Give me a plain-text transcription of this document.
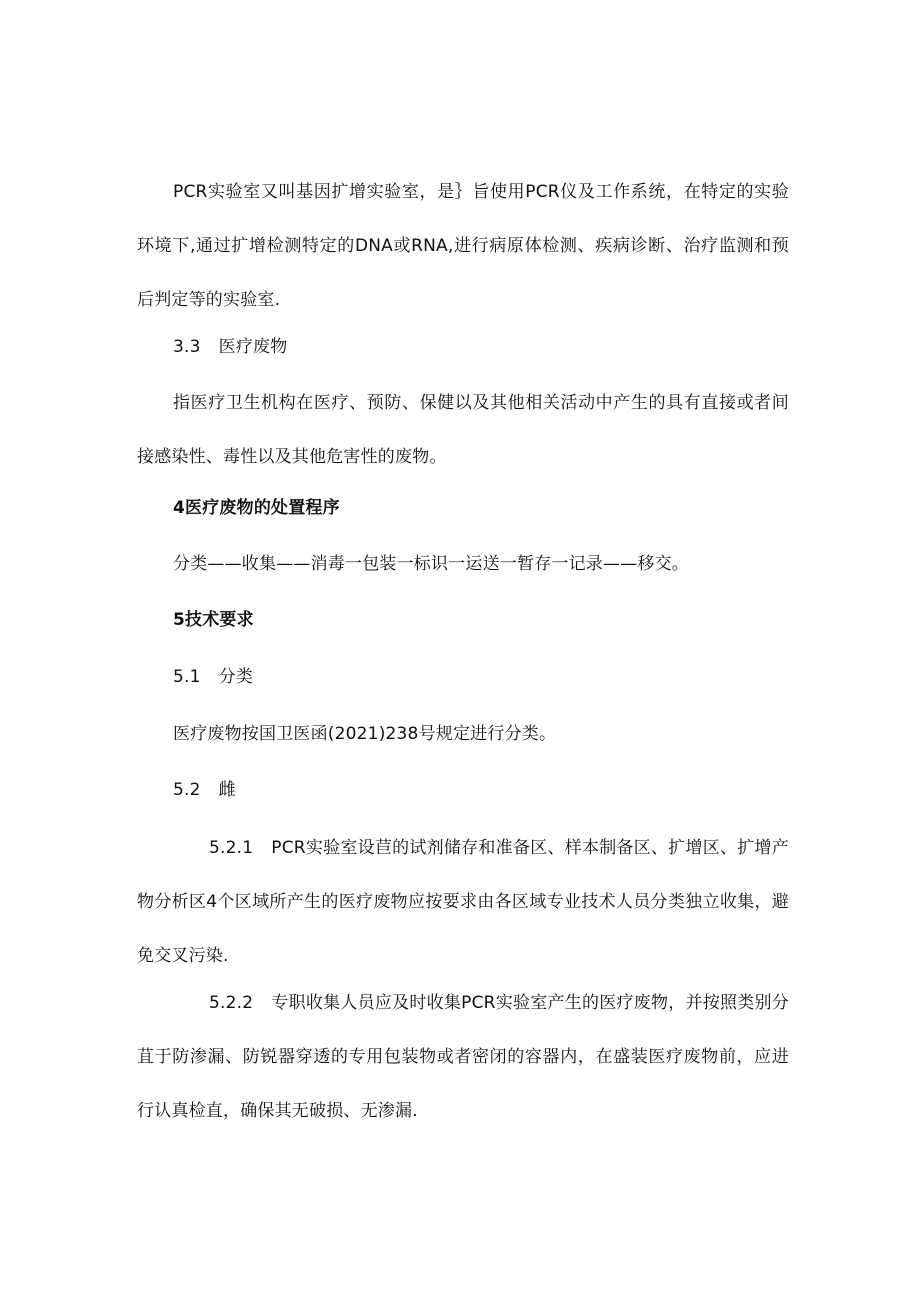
PCR实验室又叫基因扩增实验室，是｝旨使用PCR仪及工作系统，在特定的实验环境下,通过扩增检测特定的DNA或RNA,进行病原体检测、疾病诊断、治疗监测和预后判定等的实验室.

3.3 医疗废物

指医疗卫生机构在医疗、预防、保健以及其他相关活动中产生的具有直接或者间接感染性、毒性以及其他危害性的废物。

4医疗废物的处置程序

分类——收集——消毒一包装一标识一运送一暂存一记录——移交。

5技术要求

5.1 分类

医疗废物按国卫医函(2021)238号规定进行分类。

5.2 雌

5.2.1 PCR实验室设苣的试剂储存和准备区、样本制备区、扩增区、扩增产物分析区4个区域所产生的医疗废物应按要求由各区域专业技术人员分类独立收集，避免交叉污染.

5.2.2 专职收集人员应及时收集PCR实验室产生的医疗废物，并按照类别分苴于防渗漏、防锐器穿透的专用包装物或者密闭的容器内，在盛装医疗废物前，应进行认真检直，确保其无破损、无渗漏.
